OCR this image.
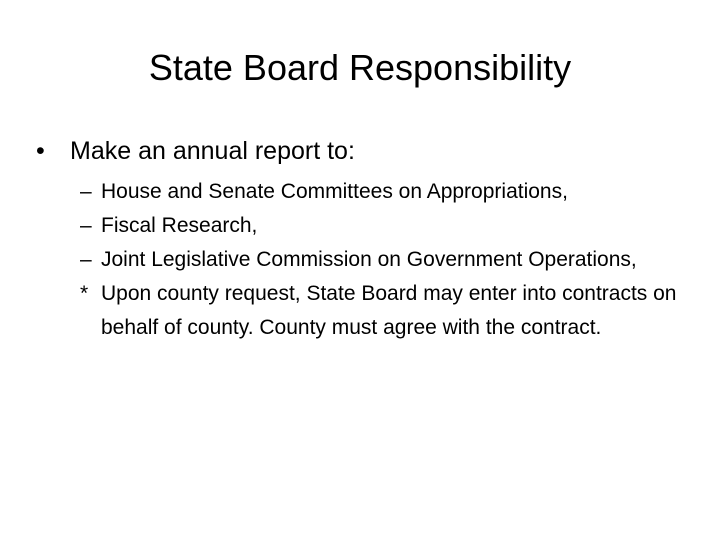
State Board Responsibility
• Make an annual report to:
– House and Senate Committees on Appropriations,
– Fiscal Research,
– Joint Legislative Commission on Government Operations,
* Upon county request, State Board may enter into contracts on behalf of county. County must agree with the contract.
